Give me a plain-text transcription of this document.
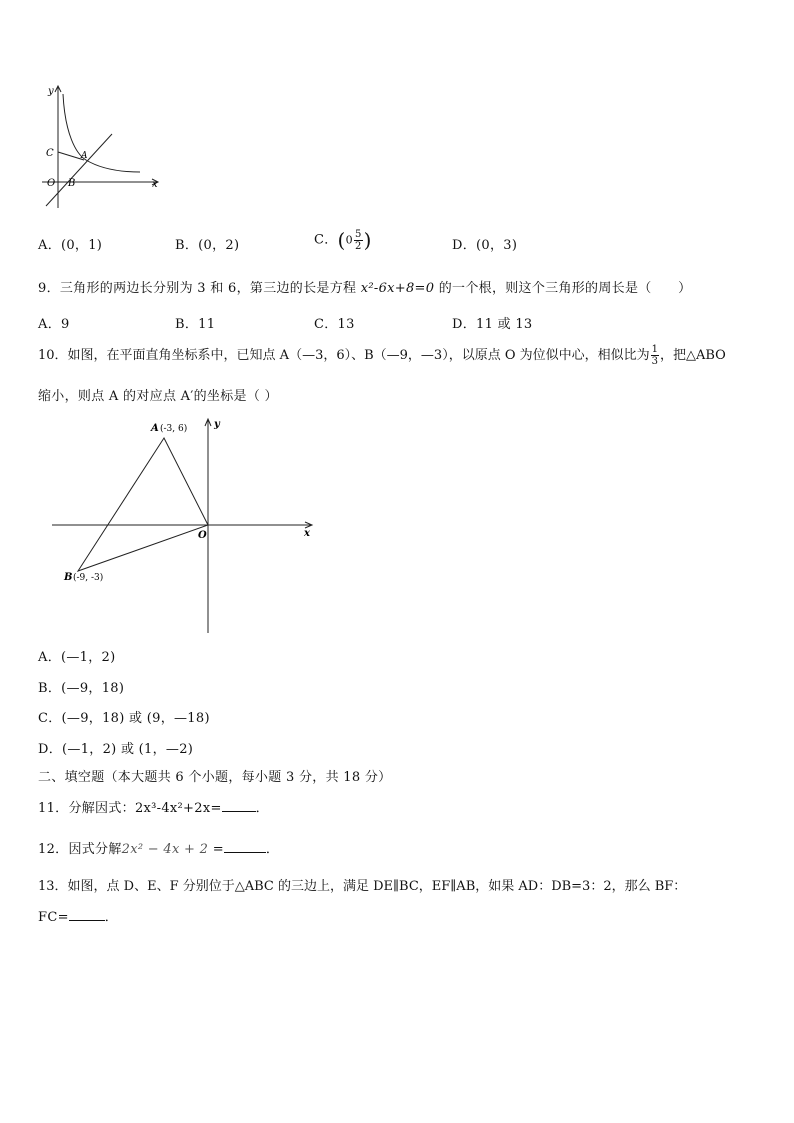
y
x
C	A
O B
A．(0，1)	B．(0，2)	C．($0 \frac{5}{2}$ )	D．(0，3)
9．三角形的两边长分别为 3 和 6，第三边的长是方程 x²-6x+8=0 的一个根，则这个三角形的周长是（　　）
A．9	B．11	C．13	D．11 或 13
10．如图，在平面直角坐标系中，已知点 A（—3，6）、B（—9，—3），以原点 O 为位似中心，相似比为 $\frac{1}{3}$ ，把△ABO
缩小，则点 A 的对应点 A′的坐标是（ ）
A (-3, 6)
B (-9, -3)
O	x
y
A．(—1，2)
B．(—9，18)
C．(—9，18) 或 (9，—18)
D．(—1，2) 或 (1，—2)
二、填空题（本大题共 6 个小题，每小题 3 分，共 18 分）
11．分解因式：2x³-4x²+2x=	．
12．因式分解2x² − 4x + 2 =	．
13．如图，点 D、E、F 分别位于△ABC 的三边上，满足 DE∥BC，EF∥AB，如果 AD：DB=3：2，那么 BF：
FC=	．
